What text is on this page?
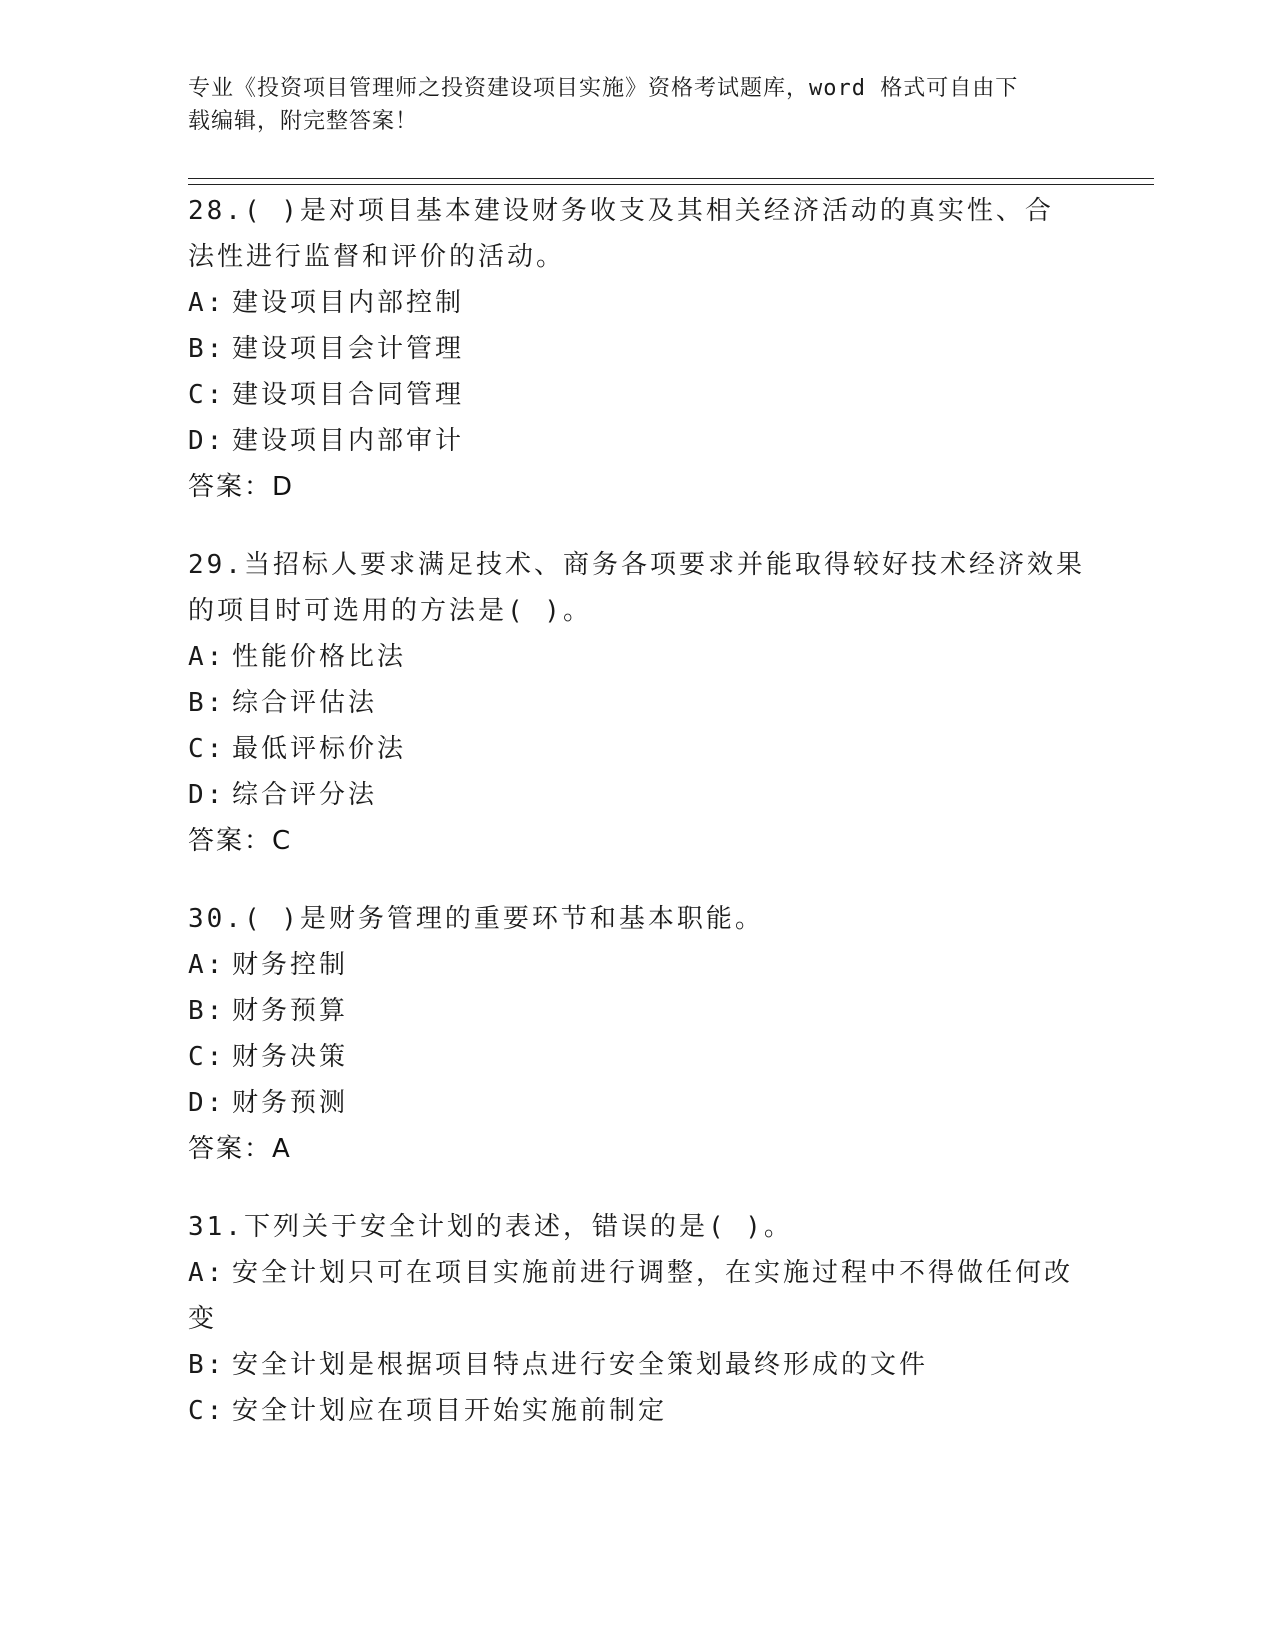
专业《投资项目管理师之投资建设项目实施》资格考试题库，word 格式可自由下
载编辑，附完整答案！

28.( )是对项目基本建设财务收支及其相关经济活动的真实性、合

法性进行监督和评价的活动。

A: 建设项目内部控制

B: 建设项目会计管理

C: 建设项目合同管理

D: 建设项目内部审计

答案：D

29.当招标人要求满足技术、商务各项要求并能取得较好技术经济效果

的项目时可选用的方法是( )。

A: 性能价格比法

B: 综合评估法

C: 最低评标价法

D: 综合评分法

答案：C

30.( )是财务管理的重要环节和基本职能。

A: 财务控制

B: 财务预算

C: 财务决策

D: 财务预测

答案：A

31.下列关于安全计划的表述，错误的是( )。

A: 安全计划只可在项目实施前进行调整，在实施过程中不得做任何改

变

B: 安全计划是根据项目特点进行安全策划最终形成的文件

C: 安全计划应在项目开始实施前制定
